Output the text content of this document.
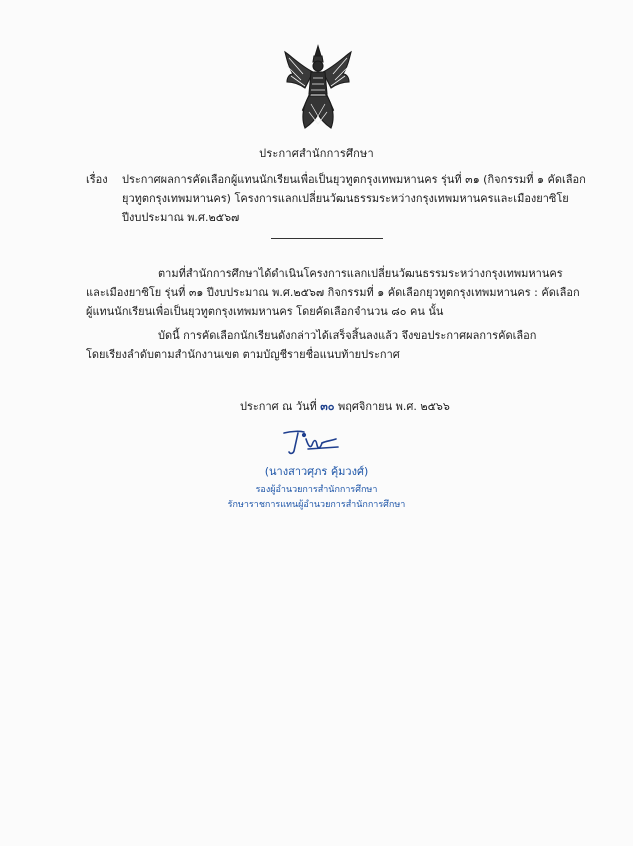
ประกาศสำนักการศึกษา
เรื่อง ประกาศผลการคัดเลือกผู้แทนนักเรียนเพื่อเป็นยุวทูตกรุงเทพมหานคร รุ่นที่ ๓๑ (กิจกรรมที่ ๑ คัดเลือก
ยุวทูตกรุงเทพมหานคร) โครงการแลกเปลี่ยนวัฒนธรรมระหว่างกรุงเทพมหานครและเมืองยาซิโย
ปีงบประมาณ พ.ศ.๒๕๖๗

ตามที่สำนักการศึกษาได้ดำเนินโครงการแลกเปลี่ยนวัฒนธรรมระหว่างกรุงเทพมหานคร
และเมืองยาซิโย รุ่นที่ ๓๑ ปีงบประมาณ พ.ศ.๒๕๖๗ กิจกรรมที่ ๑ คัดเลือกยุวทูตกรุงเทพมหานคร : คัดเลือก
ผู้แทนนักเรียนเพื่อเป็นยุวทูตกรุงเทพมหานคร โดยคัดเลือกจำนวน ๘๐ คน นั้น

บัดนี้ การคัดเลือกนักเรียนดังกล่าวได้เสร็จสิ้นลงแล้ว จึงขอประกาศผลการคัดเลือก
โดยเรียงลำดับตามสำนักงานเขต ตามบัญชีรายชื่อแนบท้ายประกาศ

ประกาศ ณ วันที่ ๓๐ พฤศจิกายน พ.ศ. ๒๕๖๖
(นางสาวศุภร คุ้มวงศ์)
รองผู้อำนวยการสำนักการศึกษา
รักษาราชการแทนผู้อำนวยการสำนักการศึกษา
